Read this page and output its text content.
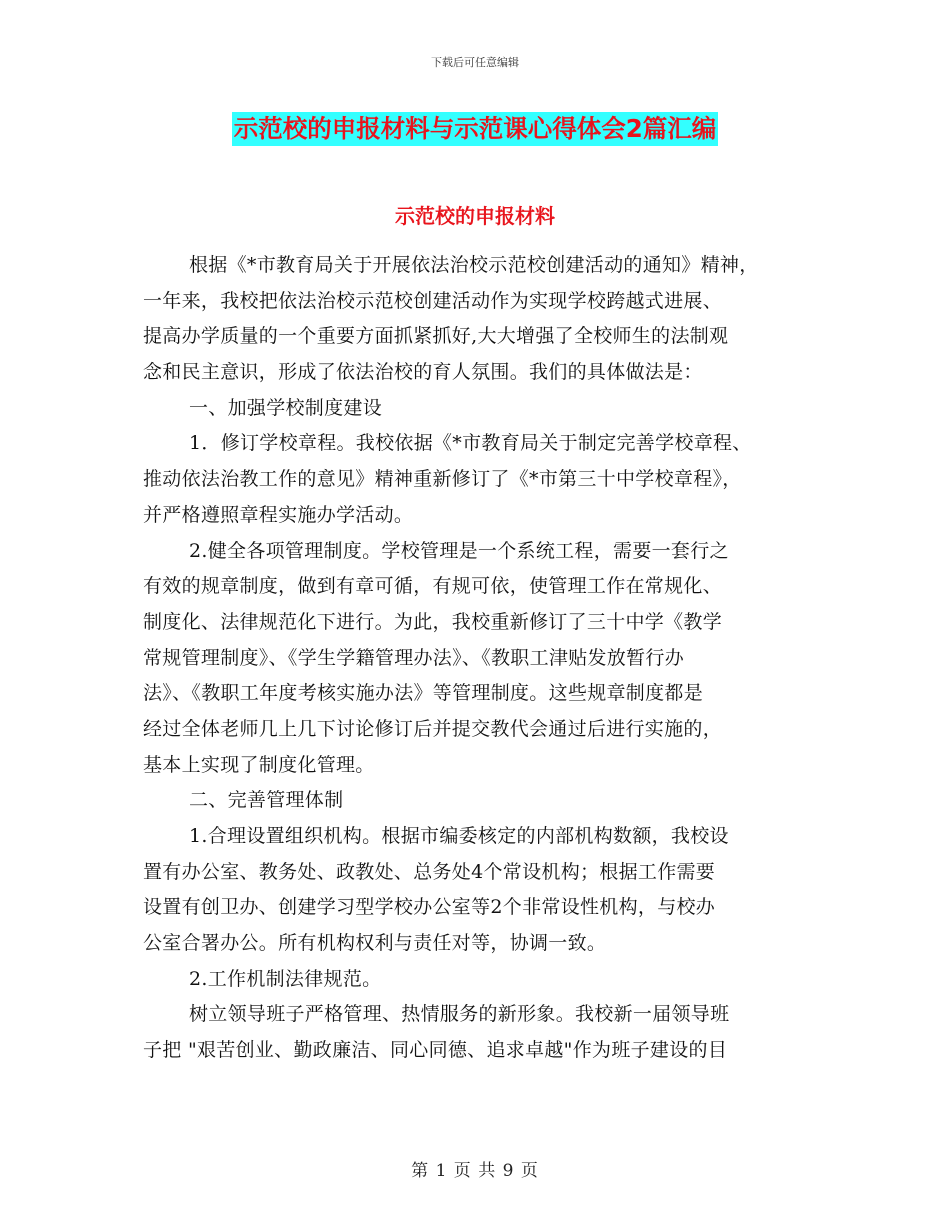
下载后可任意编辑
示范校的申报材料与示范课心得体会2篇汇编
示范校的申报材料
根据《*市教育局关于开展依法治校示范校创建活动的通知》精神，
一年来，我校把依法治校示范校创建活动作为实现学校跨越式进展、
提高办学质量的一个重要方面抓紧抓好,大大增强了全校师生的法制观
念和民主意识，形成了依法治校的育人氛围。我们的具体做法是：
一、加强学校制度建设
1．修订学校章程。我校依据《*市教育局关于制定完善学校章程、
推动依法治教工作的意见》精神重新修订了《*市第三十中学校章程》，
并严格遵照章程实施办学活动。
2.健全各项管理制度。学校管理是一个系统工程，需要一套行之
有效的规章制度，做到有章可循，有规可依，使管理工作在常规化、
制度化、法律规范化下进行。为此，我校重新修订了三十中学《教学
常规管理制度》、《学生学籍管理办法》、《教职工津贴发放暂行办
法》、《教职工年度考核实施办法》等管理制度。这些规章制度都是
经过全体老师几上几下讨论修订后并提交教代会通过后进行实施的，
基本上实现了制度化管理。
二、完善管理体制
1.合理设置组织机构。根据市编委核定的内部机构数额，我校设
置有办公室、教务处、政教处、总务处4个常设机构；根据工作需要
设置有创卫办、创建学习型学校办公室等2个非常设性机构，与校办
公室合署办公。所有机构权利与责任对等，协调一致。
2.工作机制法律规范。
树立领导班子严格管理、热情服务的新形象。我校新一届领导班
子把 "艰苦创业、勤政廉洁、同心同德、追求卓越"作为班子建设的目
第 1 页 共 9 页
